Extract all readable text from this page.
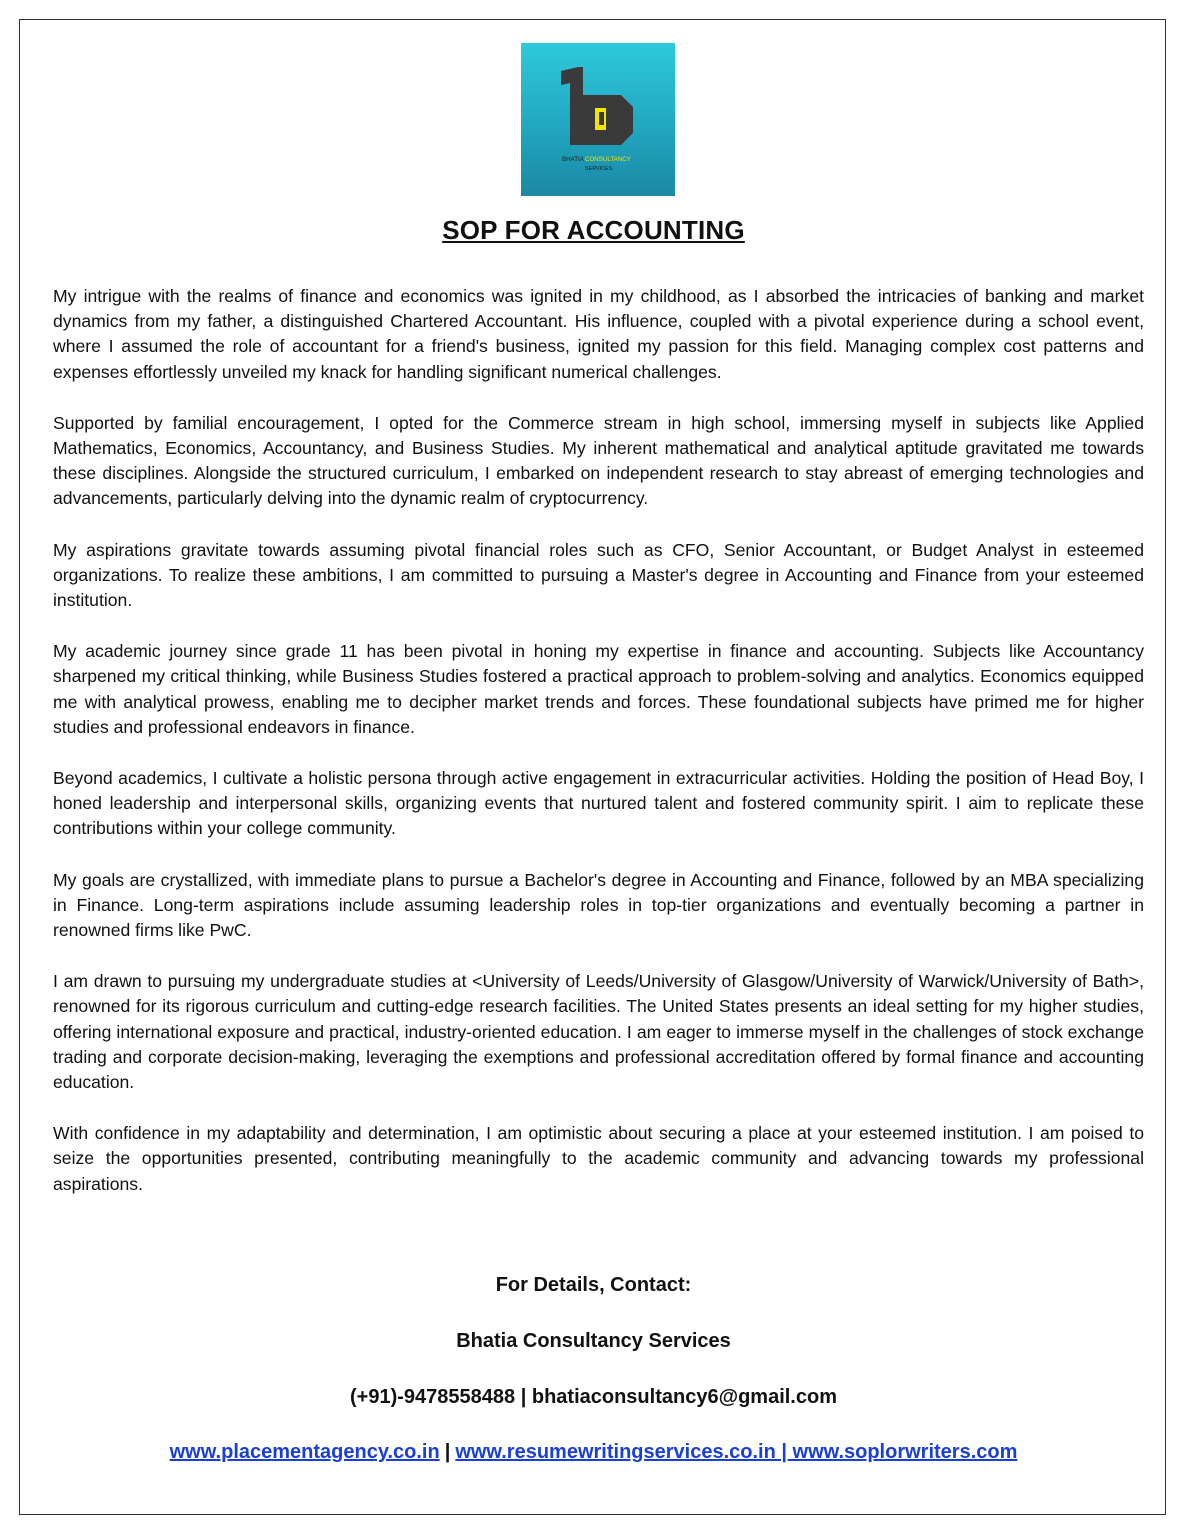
BHATIA CONSULTANCY
SERVICES
SOP FOR ACCOUNTING

My intrigue with the realms of finance and economics was ignited in my childhood, as I absorbed the intricacies of banking and market dynamics from my father, a distinguished Chartered Accountant. His influence, coupled with a pivotal experience during a school event, where I assumed the role of accountant for a friend's business, ignited my passion for this field. Managing complex cost patterns and expenses effortlessly unveiled my knack for handling significant numerical challenges.

Supported by familial encouragement, I opted for the Commerce stream in high school, immersing myself in subjects like Applied Mathematics, Economics, Accountancy, and Business Studies. My inherent mathematical and analytical aptitude gravitated me towards these disciplines. Alongside the structured curriculum, I embarked on independent research to stay abreast of emerging technologies and advancements, particularly delving into the dynamic realm of cryptocurrency.

My aspirations gravitate towards assuming pivotal financial roles such as CFO, Senior Accountant, or Budget Analyst in esteemed organizations. To realize these ambitions, I am committed to pursuing a Master's degree in Accounting and Finance from your esteemed institution.

My academic journey since grade 11 has been pivotal in honing my expertise in finance and accounting. Subjects like Accountancy sharpened my critical thinking, while Business Studies fostered a practical approach to problem-solving and analytics. Economics equipped me with analytical prowess, enabling me to decipher market trends and forces. These foundational subjects have primed me for higher studies and professional endeavors in finance.

Beyond academics, I cultivate a holistic persona through active engagement in extracurricular activities. Holding the position of Head Boy, I honed leadership and interpersonal skills, organizing events that nurtured talent and fostered community spirit. I aim to replicate these contributions within your college community.

My goals are crystallized, with immediate plans to pursue a Bachelor's degree in Accounting and Finance, followed by an MBA specializing in Finance. Long-term aspirations include assuming leadership roles in top-tier organizations and eventually becoming a partner in renowned firms like PwC.

I am drawn to pursuing my undergraduate studies at <University of Leeds/University of Glasgow/University of Warwick/University of Bath>, renowned for its rigorous curriculum and cutting-edge research facilities. The United States presents an ideal setting for my higher studies, offering international exposure and practical, industry-oriented education. I am eager to immerse myself in the challenges of stock exchange trading and corporate decision-making, leveraging the exemptions and professional accreditation offered by formal finance and accounting education.

With confidence in my adaptability and determination, I am optimistic about securing a place at your esteemed institution. I am poised to seize the opportunities presented, contributing meaningfully to the academic community and advancing towards my professional aspirations.

For Details, Contact:
Bhatia Consultancy Services
(+91)-9478558488 | bhatiaconsultancy6@gmail.com
www.placementagency.co.in | www.resumewritingservices.co.in | www.soplorwriters.com
